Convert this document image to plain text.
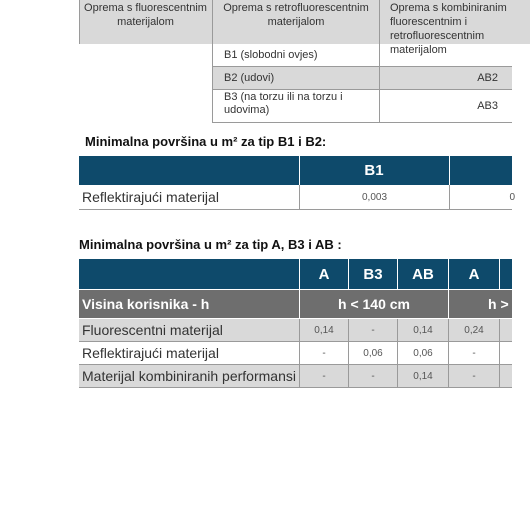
Oprema s fluorescentnim materijalom
Oprema s retrofluorescentnim materijalom
Oprema s kombiniranim fluorescentnim i retrofluorescentnim materijalom
B1 (slobodni ovjes)
B2 (udovi)	AB2
B3 (na torzu ili na torzu i udovima)	AB3
Minimalna površina u m² za tip B1 i B2:
B1
Reflektirajući materijal	0,003	0
Minimalna površina u m² za tip A, B3 i AB :
A B3 AB A
Visina korisnika - h	h < 140 cm	h >
Fluorescentni materijal	0,14	-	0,14	0,24
Reflektirajući materijal	-	0,06	0,06	-
Materijal kombiniranih performansi	-	-	0,14	-
